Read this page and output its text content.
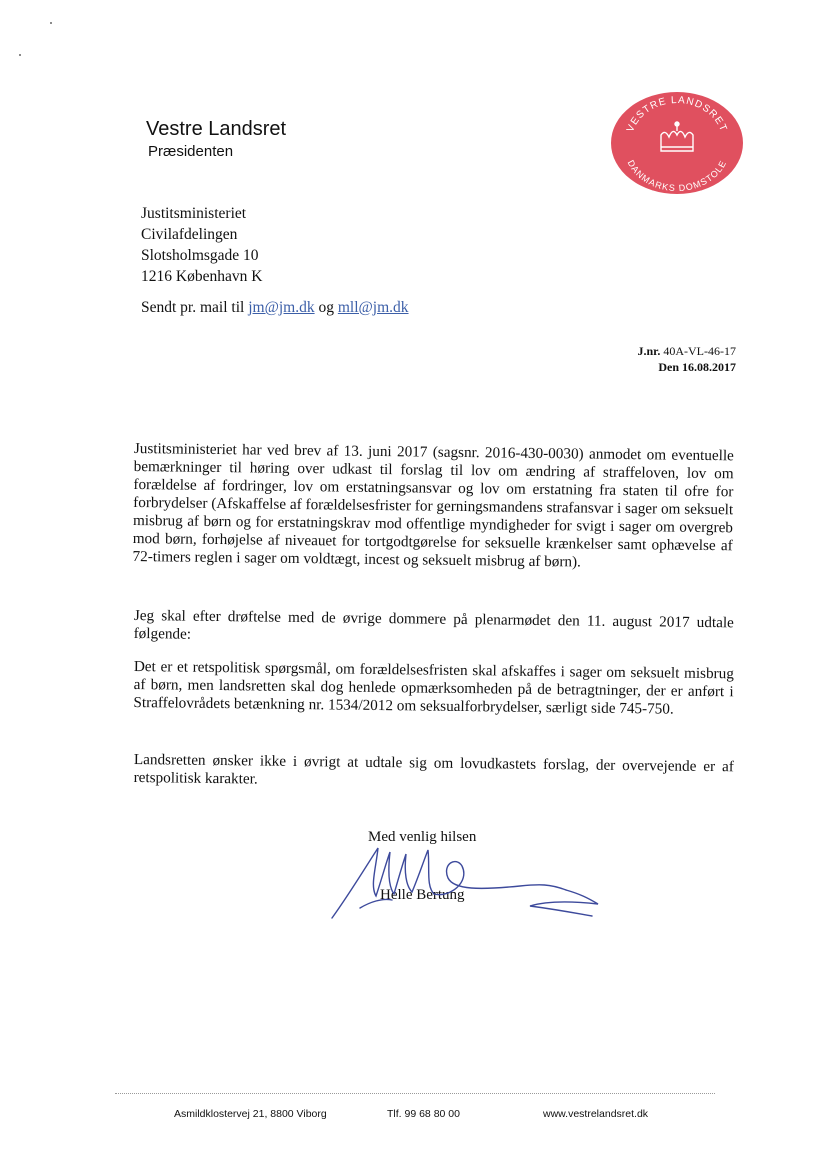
Vestre Landsret
Præsidenten
VESTRE LANDSRET
DANMARKS DOMSTOLE
Justitsministeriet
Civilafdelingen
Slotsholmsgade 10
1216 København K
Sendt pr. mail til jm@jm.dk og mll@jm.dk
J.nr. 40A-VL-46-17
Den 16.08.2017
Justitsministeriet har ved brev af 13. juni 2017 (sagsnr. 2016-430-0030) anmodet om eventuelle bemærkninger til høring over udkast til forslag til lov om ændring af straffeloven, lov om forældelse af fordringer, lov om erstatningsansvar og lov om erstatning fra staten til ofre for forbrydelser (Afskaffelse af forældelsesfrister for gerningsmandens strafansvar i sager om seksuelt misbrug af børn og for erstatningskrav mod offentlige myndigheder for svigt i sager om overgreb mod børn, forhøjelse af niveauet for tortgodtgørelse for seksuelle krænkelser samt ophævelse af 72-timers reglen i sager om voldtægt, incest og seksuelt misbrug af børn).
Jeg skal efter drøftelse med de øvrige dommere på plenarmødet den 11. august 2017 udtale følgende:
Det er et retspolitisk spørgsmål, om forældelsesfristen skal afskaffes i sager om seksuelt misbrug af børn, men landsretten skal dog henlede opmærksomheden på de betragtninger, der er anført i Straffelovrådets betænkning nr. 1534/2012 om seksualforbrydelser, særligt side 745-750.
Landsretten ønsker ikke i øvrigt at udtale sig om lovudkastets forslag, der overvejende er af retspolitisk karakter.
Med venlig hilsen
Helle Bertung
Asmildklostervej 21, 8800 Viborg	Tlf. 99 68 80 00	www.vestrelandsret.dk
